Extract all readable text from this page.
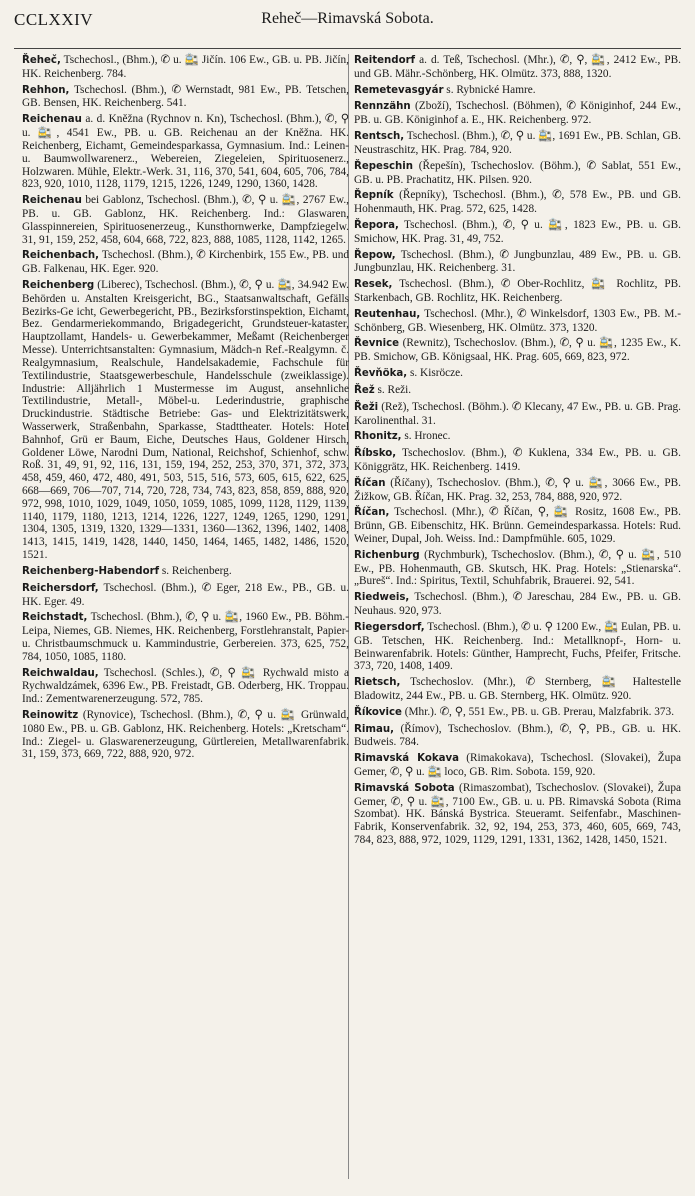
CCLXXIV	Reheč—Rimavská Sobota.
Řeheč, Tschechosl., (Bhm.), ✆ u. 🚉 Jičín. 106 Ew., GB. u. PB. Jičín, HK. Reichenberg. 784.
Rehhon, Tschechosl. (Bhm.), ✆ Wernstadt, 981 Ew., PB. Tetschen, GB. Bensen, HK. Reichenberg. 541.
Reichenau a. d. Kněžna (Rychnov n. Kn), Tschechosl. (Bhm.), ✆, ⚲ u. 🚉, 4541 Ew., PB. u. GB. Reichenau an der Kněžna. HK. Reichenberg, Eichamt, Gemeindesparkassa, Gymnasium. Ind.: Leinen- u. Baumwollwarenerz., Webereien, Ziegeleien, Spirituosenerz., Holzwaren. Mühle, Elektr.-Werk. 31, 116, 370, 541, 604, 605, 706, 784, 823, 920, 1010, 1128, 1179, 1215, 1226, 1249, 1290, 1360, 1428.
Reichenau bei Gablonz, Tschechosl. (Bhm.), ✆, ⚲ u. 🚉, 2767 Ew., PB. u. GB. Gablonz, HK. Reichenberg. Ind.: Glaswaren, Glasspinnereien, Spirituosenerzeug., Kunsthornwerke, Dampfziegelw. 31, 91, 159, 252, 458, 604, 668, 722, 823, 888, 1085, 1128, 1142, 1265.
Reichenbach, Tschechosl. (Bhm.), ✆ Kirchenbirk, 155 Ew., PB. und GB. Falkenau, HK. Eger. 920.
Reichenberg (Liberec), Tschechosl. (Bhm.), ✆, ⚲ u. 🚉, 34.942 Ew. Behörden u. Anstalten Kreisgericht, BG., Staatsanwaltschaft, Gefälls Bezirks-Ge icht, Gewerbegericht, PB., Bezirksforstinspektion, Eichamt, Bez. Gendarmeriekommando, Brigadegericht, Grundsteuer-kataster, Hauptzollamt, Handels- u. Gewerbekammer, Meßamt (Reichenberger Messe). Unterrichtsanstalten: Gymnasium, Mädch-n Ref.-Realgymn. č. Realgymnasium, Realschule, Handelsakademie, Fachschule für Textilindustrie, Staatsgewerbeschule, Handelsschule (zweiklassige). Industrie: Alljährlich 1 Mustermesse im August, ansehnliche Textilindustrie, Metall-, Möbel-u. Lederindustrie, graphische Druckindustrie. Städtische Betriebe: Gas- und Elektrizitätswerk, Wasserwerk, Straßenbahn, Sparkasse, Stadttheater. Hotels: Hotel Bahnhof, Grü er Baum, Eiche, Deutsches Haus, Goldener Hirsch, Goldener Löwe, Narodni Dum, National, Reichshof, Schienhof, schw. Roß. 31, 49, 91, 92, 116, 131, 159, 194, 252, 253, 370, 371, 372, 373, 458, 459, 460, 472, 480, 491, 503, 515, 516, 573, 605, 615, 622, 625, 668—669, 706—707, 714, 720, 728, 734, 743, 823, 858, 859, 888, 920, 972, 998, 1010, 1029, 1049, 1050, 1059, 1085, 1099, 1128, 1129, 1139, 1140, 1179, 1180, 1213, 1214, 1226, 1227, 1249, 1265, 1290, 1291, 1304, 1305, 1319, 1320, 1329—1331, 1360—1362, 1396, 1402, 1408, 1413, 1415, 1419, 1428, 1440, 1450, 1464, 1465, 1482, 1486, 1520, 1521.
Reichenberg-Habendorf s. Reichenberg.
Reichersdorf, Tschechosl. (Bhm.), ✆ Eger, 218 Ew., PB., GB. u. HK. Eger. 49.
Reichstadt, Tschechosl. (Bhm.), ✆, ⚲ u. 🚉, 1960 Ew., PB. Böhm.-Leipa, Niemes, GB. Niemes, HK. Reichenberg, Forstlehranstalt, Papier- u. Christbaumschmuck u. Kammindustrie, Gerbereien. 373, 625, 752, 784, 1050, 1085, 1180.
Reichwaldau, Tschechosl. (Schles.), ✆, ⚲ 🚉 Rychwald misto a Rychwaldzámek, 6396 Ew., PB. Freistadt, GB. Oderberg, HK. Troppau. Ind.: Zementwarenerzeugung. 572, 785.
Reinowitz (Rynovice), Tschechosl. (Bhm.), ✆, ⚲ u. 🚉 Grünwald, 1080 Ew., PB. u. GB. Gablonz, HK. Reichenberg. Hotels: „Kretscham“. Ind.: Ziegel- u. Glaswarenerzeugung, Gürtlereien, Metallwarenfabrik. 31, 159, 373, 669, 722, 888, 920, 972.
Reitendorf a. d. Teß, Tschechosl. (Mhr.), ✆, ⚲, 🚉, 2412 Ew., PB. und GB. Mähr.-Schönberg, HK. Olmütz. 373, 888, 1320.
Remetevasgyár s. Rybnické Hamre.
Rennzähn (Zboží), Tschechosl. (Böhmen), ✆ Königinhof, 244 Ew., PB. u. GB. Königinhof a. E., HK. Reichenberg. 972.
Rentsch, Tschechosl. (Bhm.), ✆, ⚲ u. 🚉, 1691 Ew., PB. Schlan, GB. Neustraschitz, HK. Prag. 784, 920.
Řepeschin (Řepešín), Tschechoslov. (Böhm.), ✆ Sablat, 551 Ew., GB. u. PB. Prachatitz, HK. Pilsen. 920.
Řepník (Řepníky), Tschechosl. (Bhm.), ✆, 578 Ew., PB. und GB. Hohenmauth, HK. Prag. 572, 625, 1428.
Řepora, Tschechosl. (Bhm.), ✆, ⚲ u. 🚉, 1823 Ew., PB. u. GB. Smichow, HK. Prag. 31, 49, 752.
Řepow, Tschechosl. (Bhm.), ✆ Jungbunzlau, 489 Ew., PB. u. GB. Jungbunzlau, HK. Reichenberg. 31.
Resek, Tschechosl. (Bhm.), ✆ Ober-Rochlitz, 🚉 Rochlitz, PB. Starkenbach, GB. Rochlitz, HK. Reichenberg.
Reutenhau, Tschechosl. (Mhr.), ✆ Winkelsdorf, 1303 Ew., PB. M.-Schönberg, GB. Wiesenberg, HK. Olmütz. 373, 1320.
Řevnice (Rewnitz), Tschechoslov. (Bhm.), ✆, ⚲ u. 🚉, 1235 Ew., K. PB. Smichow, GB. Königsaal, HK. Prag. 605, 669, 823, 972.
Řevňöka, s. Kisröcze.
Řež s. Reži.
Řeži (Rež), Tschechosl. (Böhm.). ✆ Klecany, 47 Ew., PB. u. GB. Prag. Karolinenthal. 31.
Rhonitz, s. Hronec.
Říbsko, Tschechoslov. (Bhm.), ✆ Kuklena, 334 Ew., PB. u. GB. Königgrätz, HK. Reichenberg. 1419.
Říčan (Říčany), Tschechoslov. (Bhm.), ✆, ⚲ u. 🚉, 3066 Ew., PB. Žižkow, GB. Říčan, HK. Prag. 32, 253, 784, 888, 920, 972.
Říčan, Tschechosl. (Mhr.), ✆ Říčan, ⚲, 🚉 Rositz, 1608 Ew., PB. Brünn, GB. Eibenschitz, HK. Brünn. Gemeindesparkassa. Hotels: Rud. Weiner, Dupal, Joh. Weiss. Ind.: Dampfmühle. 605, 1029.
Richenburg (Rychmburk), Tschechoslov. (Bhm.), ✆, ⚲ u. 🚉, 510 Ew., PB. Hohenmauth, GB. Skutsch, HK. Prag. Hotels: „Stienarska“. „Bureš“. Ind.: Spiritus, Textil, Schuhfabrik, Brauerei. 92, 541.
Riedweis, Tschechosl. (Bhm.), ✆ Jareschau, 284 Ew., PB. u. GB. Neuhaus. 920, 973.
Riegersdorf, Tschechosl. (Bhm.), ✆ u. ⚲ 1200 Ew., 🚉 Eulan, PB. u. GB. Tetschen, HK. Reichenberg. Ind.: Metallknopf-, Horn- u. Beinwarenfabrik. Hotels: Günther, Hamprecht, Fuchs, Pfeifer, Fritsche. 373, 720, 1408, 1409.
Rietsch, Tschechoslov. (Mhr.), ✆ Sternberg, 🚉 Haltestelle Bladowitz, 244 Ew., PB. u. GB. Sternberg, HK. Olmütz. 920.
Říkovice (Mhr.). ✆, ⚲, 551 Ew., PB. u. GB. Prerau, Malzfabrik. 373.
Rimau, (Římov), Tschechoslov. (Bhm.), ✆, ⚲, PB., GB. u. HK. Budweis. 784.
Rimavská Kokava (Rimakokava), Tschechosl. (Slovakei), Župa Gemer, ✆, ⚲ u. 🚉 loco, GB. Rim. Sobota. 159, 920.
Rimavská Sobota (Rimaszombat), Tschechoslov. (Slovakei), Župa Gemer, ✆, ⚲ u. 🚉, 7100 Ew., GB. u. u. PB. Rimavská Sobota (Rima Szombat). HK. Bánská Bystrica. Steueramt. Seifenfabr., Maschinen-Fabrik, Konservenfabrik. 32, 92, 194, 253, 373, 460, 605, 669, 743, 784, 823, 888, 972, 1029, 1129, 1291, 1331, 1362, 1428, 1450, 1521.
